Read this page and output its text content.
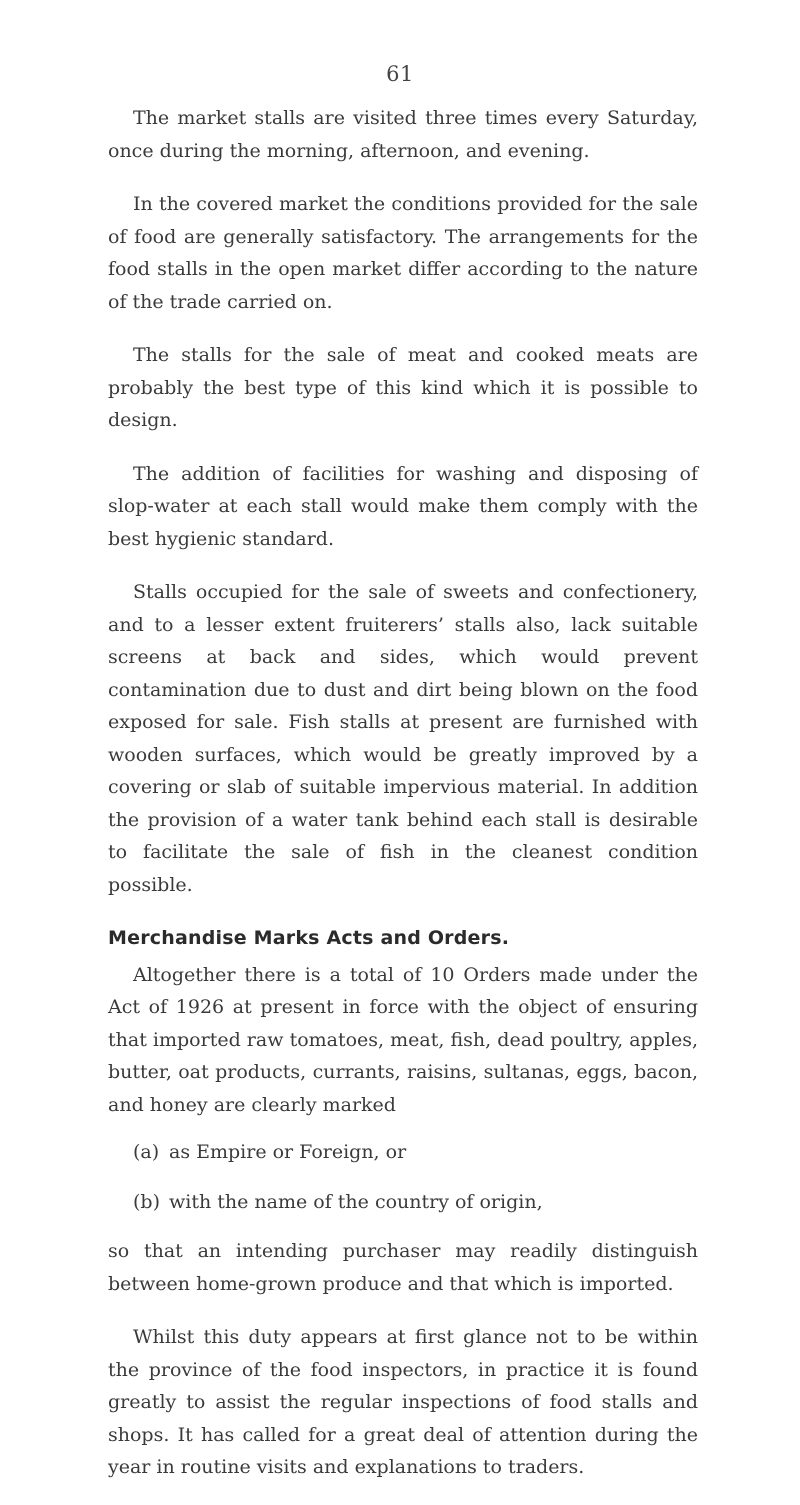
61

The market stalls are visited three times every Saturday, once during the morning, afternoon, and evening.

In the covered market the conditions provided for the sale of food are generally satisfactory. The arrangements for the food stalls in the open market differ according to the nature of the trade carried on.

The stalls for the sale of meat and cooked meats are probably the best type of this kind which it is possible to design.

The addition of facilities for washing and disposing of slop-water at each stall would make them comply with the best hygienic standard.

Stalls occupied for the sale of sweets and confectionery, and to a lesser extent fruiterers’ stalls also, lack suitable screens at back and sides, which would prevent contamination due to dust and dirt being blown on the food exposed for sale. Fish stalls at present are furnished with wooden surfaces, which would be greatly improved by a covering or slab of suitable impervious material. In addition the provision of a water tank behind each stall is desirable to facilitate the sale of fish in the cleanest condition possible.

Merchandise Marks Acts and Orders.

Altogether there is a total of 10 Orders made under the Act of 1926 at present in force with the object of ensuring that imported raw tomatoes, meat, fish, dead poultry, apples, butter, oat products, currants, raisins, sultanas, eggs, bacon, and honey are clearly marked

(a) as Empire or Foreign, or
(b) with the name of the country of origin,

so that an intending purchaser may readily distinguish between home-grown produce and that which is imported.

Whilst this duty appears at first glance not to be within the province of the food inspectors, in practice it is found greatly to assist the regular inspections of food stalls and shops. It has called for a great deal of attention during the year in routine visits and explanations to traders.
